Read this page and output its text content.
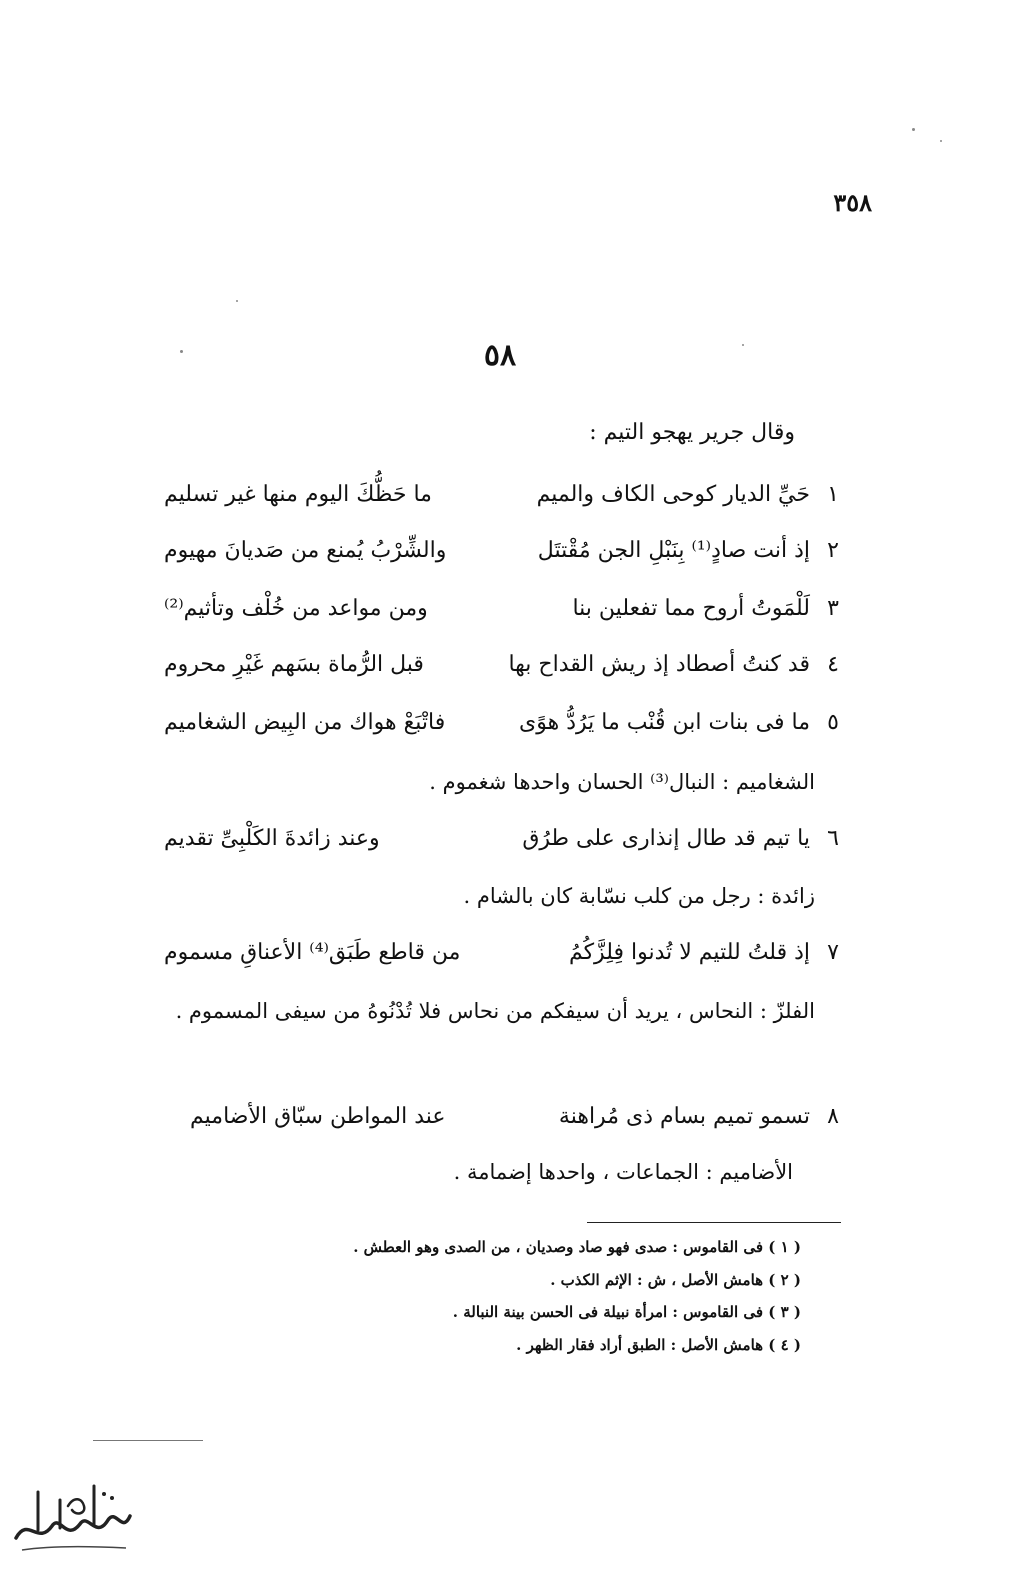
٣٥٨
٥٨
وقال جرير يهجو التيم :
١
حَيِّ الديار كوحى الكاف والميم
ما حَظُّكَ اليوم منها غير تسليم
٢
إذ أنت صادٍ⁽¹⁾ بِنَبْلِ الجن مُقْتتَل
والشِّرْبُ يُمنع من صَديانَ مهيوم
٣
لَلْمَوتُ أروح مما تفعلين بنا
ومن مواعد من خُلْف وتأثيم⁽²⁾
٤
قد كنتُ أصطاد إذ ريش القداح بها
قبل الرُّماة بسَهم غَيْرِ محروم
٥
ما فى بنات ابن قُنْب ما يَرُدُّ هوًى
فاتْبَعْ هواك من البِيض الشغاميم
الشغاميم : النبال⁽³⁾ الحسان واحدها شغموم .
٦
يا تيم قد طال إنذارى على طرُق
وعند زائدةَ الكَلْبِىِّ تقديم
زائدة : رجل من كلب نسّابة كان بالشام .
٧
إذ قلتُ للتيم لا تُدنوا فِلِزَّكُمُ
من قاطع طَبَق⁽⁴⁾ الأعناقِ مسموم
الفلزّ : النحاس ، يريد أن سيفكم من نحاس فلا تُدْنُوهُ من سيفى المسموم .
٨
تسمو تميم بسام ذى مُراهنة
عند المواطن سبّاق الأضاميم
الأضاميم : الجماعات ، واحدها إضمامة .
( ١ ) فى القاموس : صدى فهو صاد وصديان ، من الصدى وهو العطش .
( ٢ ) هامش الأصل ، ش : الإثم الكذب .
( ٣ ) فى القاموس : امرأة نبيلة فى الحسن بينة النبالة .
( ٤ ) هامش الأصل : الطبق أراد فقار الظهر .
